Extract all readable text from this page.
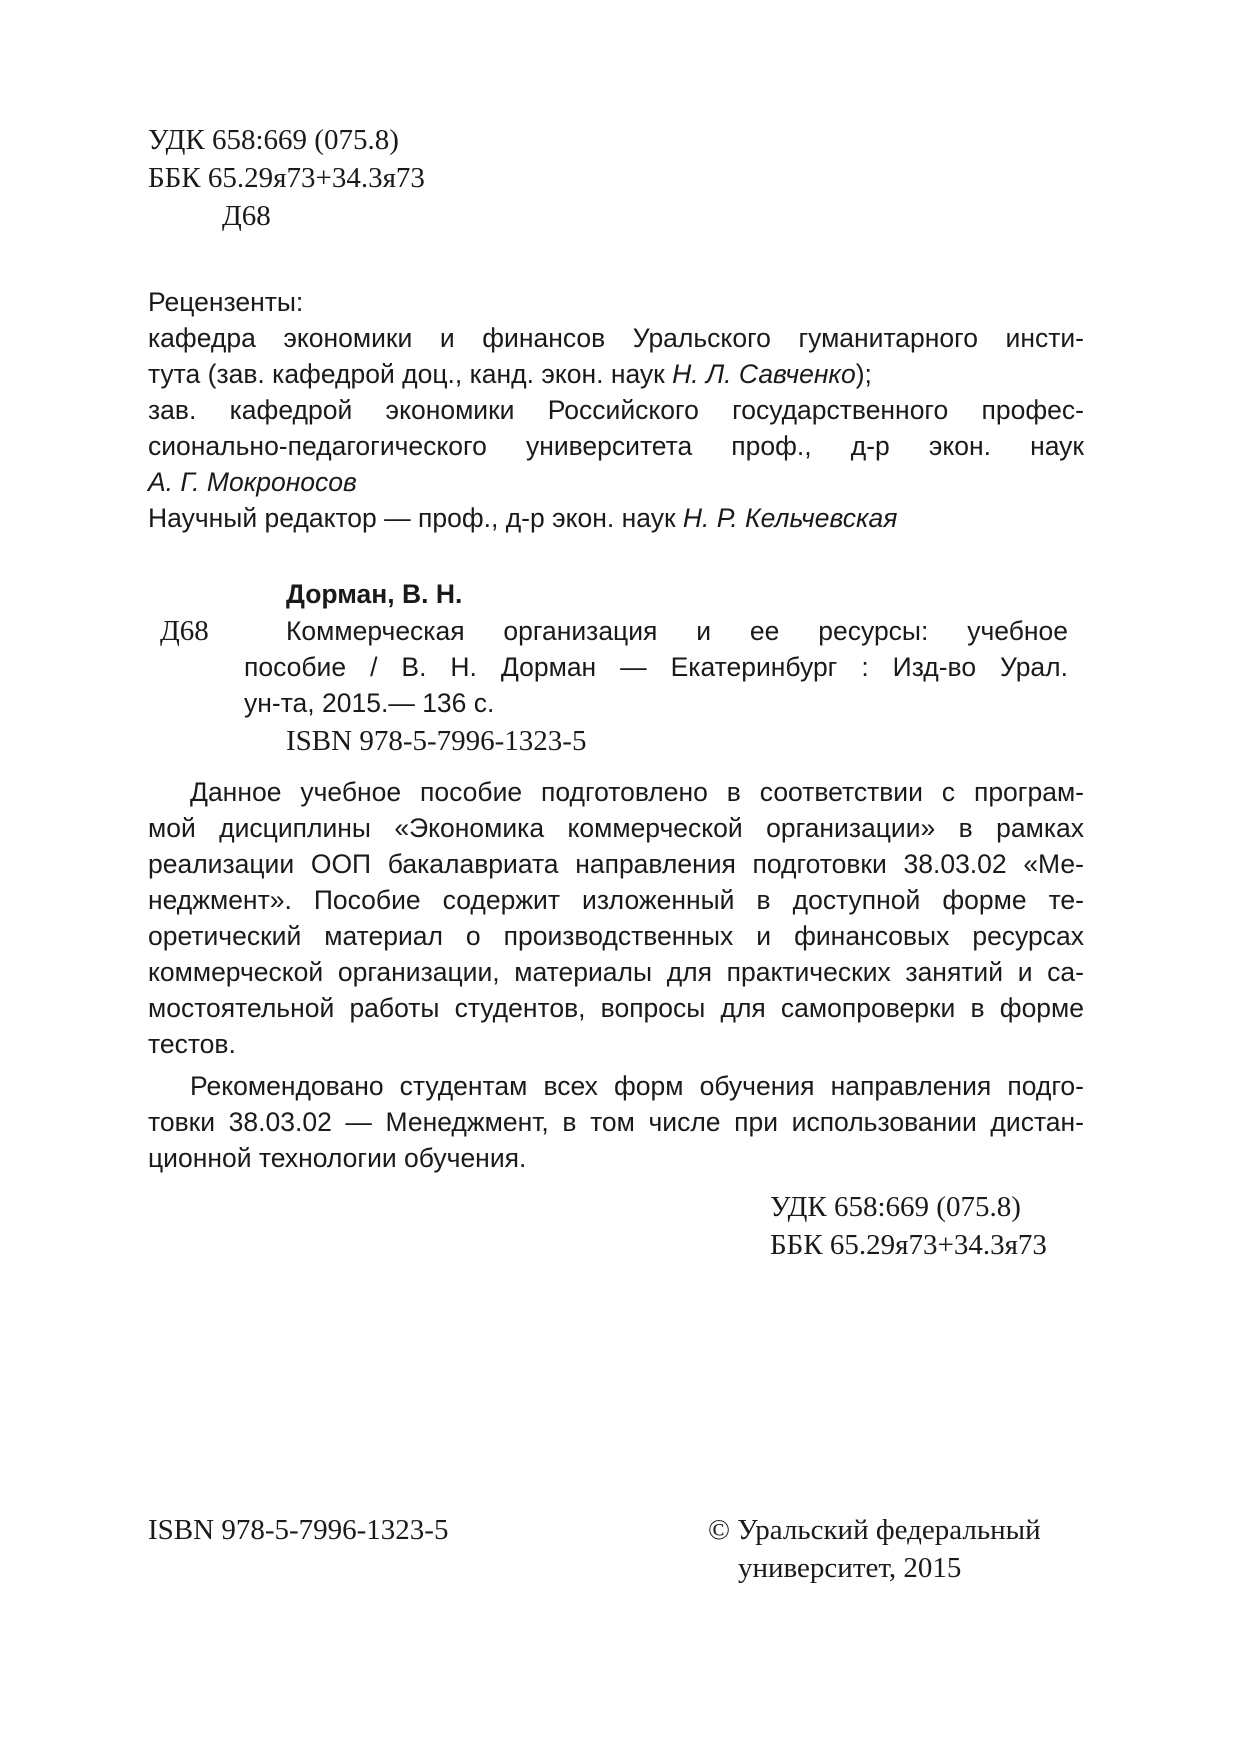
УДК 658:669 (075.8)
ББК 65.29я73+34.3я73
Д68
Рецензенты:
кафедра экономики и финансов Уральского гуманитарного инсти-
тута (зав. кафедрой доц., канд. экон. наук Н. Л. Савченко);
зав. кафедрой экономики Российского государственного профес-
сионально-педагогического университета проф., д-р экон. наук
А. Г. Мокроносов
Научный редактор — проф., д-р экон. наук Н. Р. Кельчевская
Дорман, В. Н.
Д68	Коммерческая организация и ее ресурсы: учебное
пособие / В. Н. Дорман — Екатеринбург : Изд-во Урал.
ун-та, 2015.— 136 с.
ISBN 978-5-7996-1323-5
Данное учебное пособие подготовлено в соответствии с програм-
мой дисциплины «Экономика коммерческой организации» в рамках
реализации ООП бакалавриата направления подготовки 38.03.02 «Ме-
неджмент». Пособие содержит изложенный в доступной форме те-
оретический материал о производственных и финансовых ресурсах
коммерческой организации, материалы для практических занятий и са-
мостоятельной работы студентов, вопросы для самопроверки в форме
тестов.
Рекомендовано студентам всех форм обучения направления подго-
товки 38.03.02 — Менеджмент, в том числе при использовании дистан-
ционной технологии обучения.
УДК 658:669 (075.8)
ББК 65.29я73+34.3я73
ISBN 978-5-7996-1323-5	© Уральский федеральный
университет, 2015
